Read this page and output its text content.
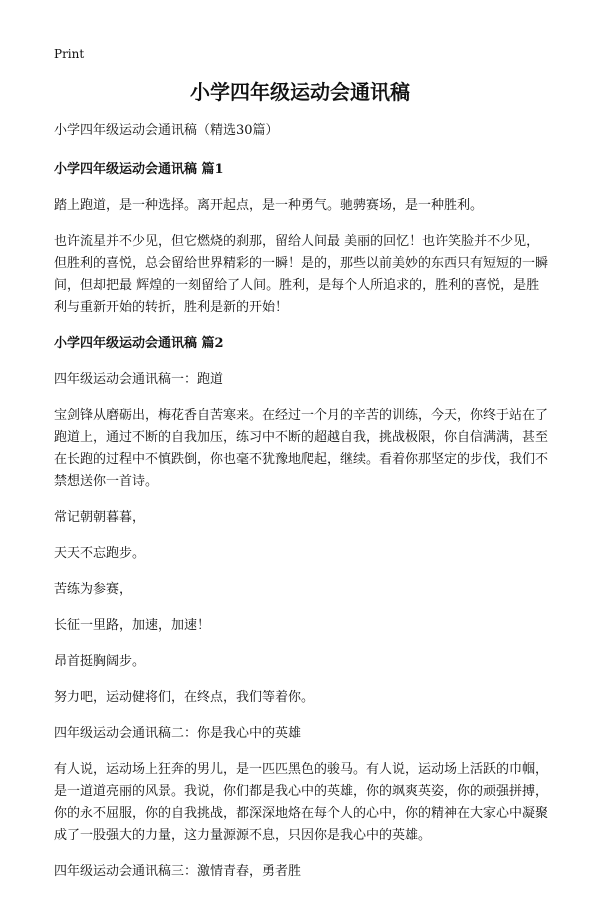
Print
小学四年级运动会通讯稿
小学四年级运动会通讯稿（精选30篇）
小学四年级运动会通讯稿 篇1
踏上跑道，是一种选择。离开起点，是一种勇气。驰骋赛场，是一种胜利。
也许流星并不少见，但它燃烧的刹那，留给人间最 美丽的回忆！也许笑脸并不少见，但胜利的喜悦，总会留给世界精彩的一瞬！是的，那些以前美妙的东西只有短短的一瞬间，但却把最 辉煌的一刻留给了人间。胜利，是每个人所追求的，胜利的喜悦，是胜利与重新开始的转折，胜利是新的开始！
小学四年级运动会通讯稿 篇2
四年级运动会通讯稿一：跑道
宝剑锋从磨砺出，梅花香自苦寒来。在经过一个月的辛苦的训练，今天，你终于站在了跑道上，通过不断的自我加压，练习中不断的超越自我，挑战极限，你自信满满，甚至在长跑的过程中不慎跌倒，你也毫不犹豫地爬起，继续。看着你那坚定的步伐，我们不禁想送你一首诗。
常记朝朝暮暮，
天天不忘跑步。
苦练为参赛，
长征一里路，加速，加速！
昂首挺胸阔步。
努力吧，运动健将们，在终点，我们等着你。
四年级运动会通讯稿二：你是我心中的英雄
有人说，运动场上狂奔的男儿，是一匹匹黑色的骏马。有人说，运动场上活跃的巾帼，是一道道亮丽的风景。我说，你们都是我心中的英雄，你的飒爽英姿，你的顽强拼搏，你的永不屈服，你的自我挑战，都深深地烙在每个人的心中，你的精神在大家心中凝聚成了一股强大的力量，这力量源源不息，只因你是我心中的英雄。
四年级运动会通讯稿三：激情青春，勇者胜
